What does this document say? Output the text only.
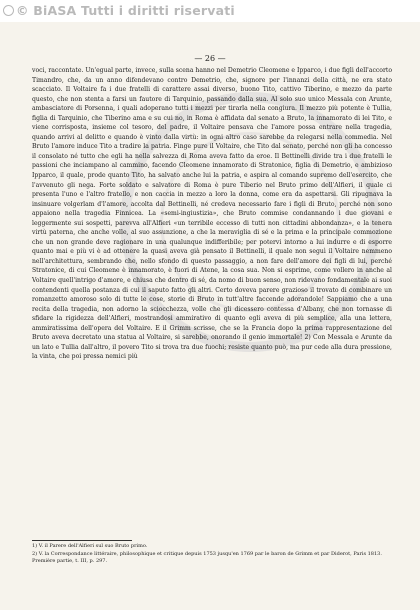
© BiASA Tutti i diritti riservati
— 26 —

voci, raccontate. Un'egual parte, invece, sulla scena hanno nel Demetrio Cleomene e Ipparco, i due figli dell'accorto Timandro, che, da un anno difendevano contro Demetrio, che, signore per l'innanzi della città, ne era stato scacciato. Il Voltaire fa i due fratelli di carattere assai diverso, buono Tito, cattivo Tiberino, e mezzo da parte questo, che non stenta a farsi un fautore di Tarquinio, passando dalla sua. Al solo suo unico Messala con Arunte, ambasciatore di Porsenna, i quali adoperano tutti i mezzi per tirarla nella congiura. Il mezzo più potente è Tullia, figlia di Tarquinio, che Tiberino ama e su cui no, in Roma è affidata dal senato a Bruto, la innamorato di lei Tito, e viene corrisposta, insieme col tesoro, del padre, il Voltaire pensava che l'amore possa entrare nella tragedia, quando arrivi al delitto e quando è vinto dalla virtù: in ogni altro caso sarebbe da relegarsi nella commedia. Nel Bruto l'amore induce Tito a tradire la patria. Finge pure il Voltaire, che Tito dal senato, perché non gli ha concesso il consolato né tutto che egli ha nella salvezza di Roma aveva fatto da eroe. Il Bettinelli divide tra i due fratelli le passioni che inciampano al cammino, facendo Cleomene innamorato di Stratonice, figlia di Demetrio, e ambizioso Ipparco, il quale, prode quanto Tito, ha salvato anche lui la patria, e aspira al comando supremo dell'esercito, che l'avvenuto gli nega. Forte soldato e salvatore di Roma è pure Tiberio nel Bruto primo dell'Alfieri, il quale ci presenta l'uno e l'altro fratello, e non caccia in mezzo a loro la donna, come era da aspettarsi. Gli ripugnava la insinuare volgerlam d'l'amore, accolta dal Bettinelli, né credeva necessario fare i figli di Bruto, perché non sono appaiono nella tragedia Finnicea. La «semi-ingiustizia», che Bruto commise condannando i due giovani e leggermente sui sospetti, parevva all'Alfieri «un terribile eccesso di tutti non cittadini abbondanza», e la tenera virtù paterna, che anche volle, al suo assunzione, a che la meraviglia di sé e la prima e la principale commozione che un non grande deve ragionare in una qualunque indifferibile; per potervi intorno a lui indurre e di esporre quanto mai e più vi è ad ottenere la quasi aveva già pensato il Bettinelli, il quale non seguì il Voltaire nemmeno nell'architettura, sembrando che, nello sfondo di questo passaggio, a non fare dell'amore dei figli di lui, perché Stratonice, di cui Cleomene è innamorato, è fuori di Atene, la cosa sua. Non si esprime, come vollero in anche al Voltaire quell'intrigo d'amore, e chiusa che dentro di sé, da nomo di buon senso, non ridevano fondamentale ai suoi contendenti quella postanza di cui il saputo fatto gli altri. Certo doveva parere grazioso il trovato di combinare un romanzetto amoroso solo di tutte le cose, storie di Bruto in tutt'altre faccende adorandole! Sappiamo che a una recita della tragedia, non adorno la sciocchezza, volle che gli dicessero contessa d'Albany, che non tornasse di sfidare la rigidezza dell'Alfieri, mostrandosi ammirativo di quanto egli aveva di più semplice, alla una lettera, ammiratissima dell'opera del Voltaire. E il Grimm scrisse, che se la Francia dopo la prima rappresentazione del Bruto aveva decretato una statua al Voltaire, si sarebbe, onorando il genio immortale! 2) Con Messala e Arunte da un lato e Tullia dall'altro, il povero Tito si trova tra due fuochi; resiste quanto può, ma pur cede alla dura pressione, la vinta, che poi pressa nemici più

1) V. il Parere dell'Alfieri sul suo Bruto primo.

2) V. la Correspondance littéraire, philosophique et critique depuis 1753 jusqu'en 1769 par le baron de Grimm et par Diderot, Paris 1813. Première partie, t. III, p. 297.
